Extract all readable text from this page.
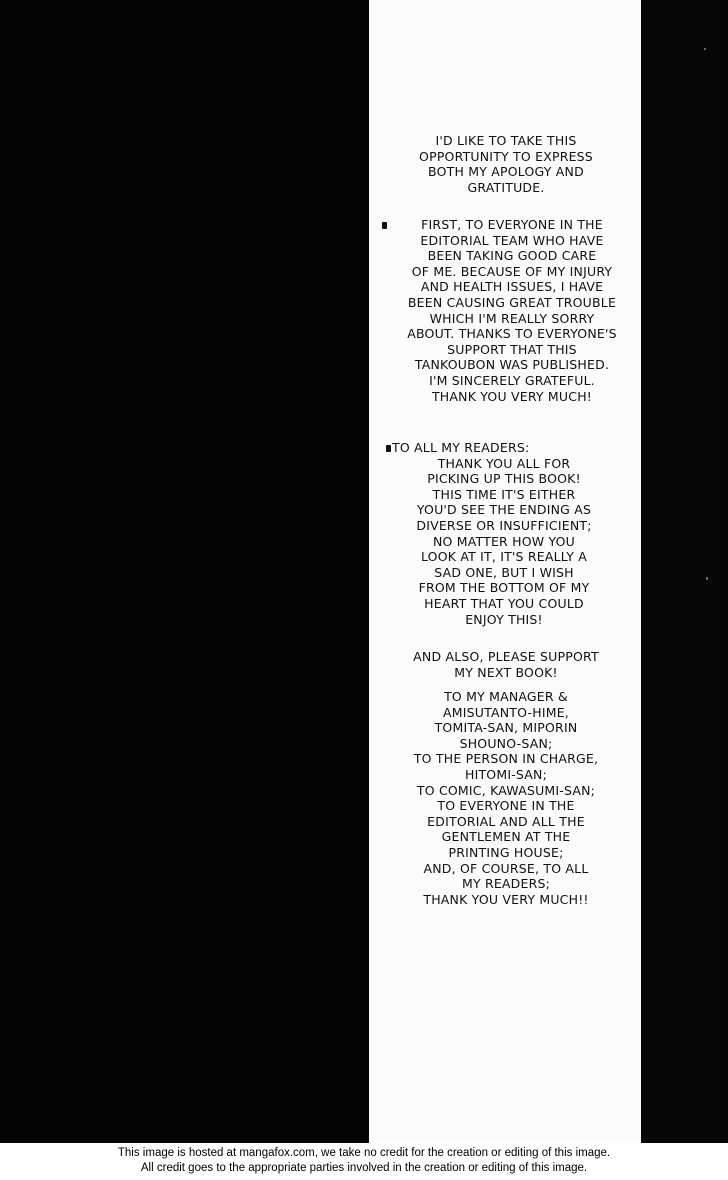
I'D LIKE TO TAKE THIS
OPPORTUNITY TO EXPRESS
BOTH MY APOLOGY AND
GRATITUDE.
FIRST, TO EVERYONE IN THE
EDITORIAL TEAM WHO HAVE
BEEN TAKING GOOD CARE
OF ME. BECAUSE OF MY INJURY
AND HEALTH ISSUES, I HAVE
BEEN CAUSING GREAT TROUBLE
WHICH I'M REALLY SORRY
ABOUT. THANKS TO EVERYONE'S
SUPPORT THAT THIS
TANKOUBON WAS PUBLISHED.
I'M SINCERELY GRATEFUL.
THANK YOU VERY MUCH!
TO ALL MY READERS:
THANK YOU ALL FOR
PICKING UP THIS BOOK!
THIS TIME IT'S EITHER
YOU'D SEE THE ENDING AS
DIVERSE OR INSUFFICIENT;
NO MATTER HOW YOU
LOOK AT IT, IT'S REALLY A
SAD ONE, BUT I WISH
FROM THE BOTTOM OF MY
HEART THAT YOU COULD
ENJOY THIS!
AND ALSO, PLEASE SUPPORT
MY NEXT BOOK!
TO MY MANAGER &
AMISUTANTO-HIME,
TOMITA-SAN, MIPORIN
SHOUNO-SAN;
TO THE PERSON IN CHARGE,
HITOMI-SAN;
TO COMIC, KAWASUMI-SAN;
TO EVERYONE IN THE
EDITORIAL AND ALL THE
GENTLEMEN AT THE
PRINTING HOUSE;
AND, OF COURSE, TO ALL
MY READERS;
THANK YOU VERY MUCH!!
This image is hosted at mangafox.com, we take no credit for the creation or editing of this image.
All credit goes to the appropriate parties involved in the creation or editing of this image.
